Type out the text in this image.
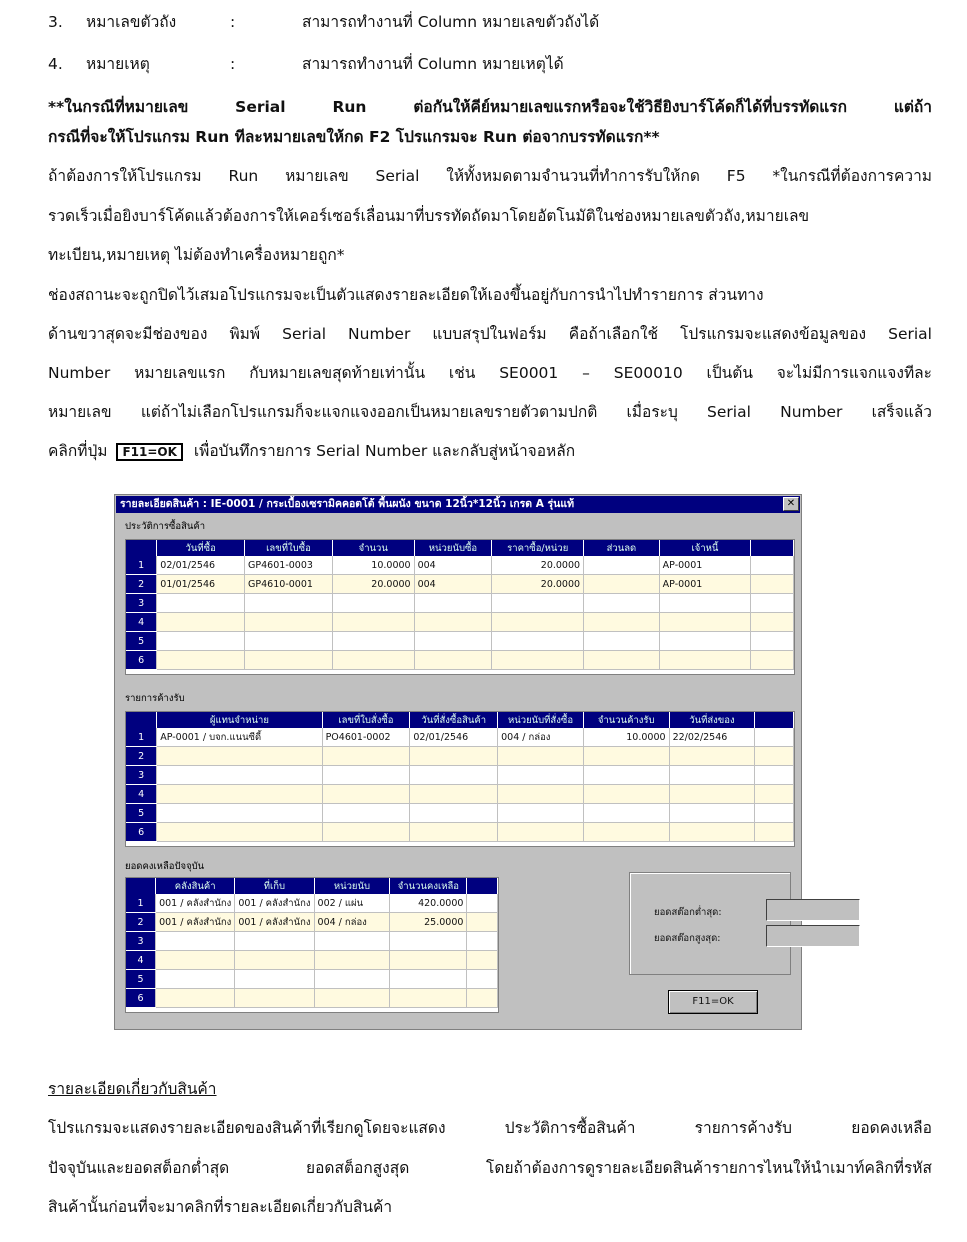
3. หมาเลขตัวถัง	:	สามารถทำงานที่ Column หมายเลขตัวถังได้
4. หมายเหตุ	:	สามารถทำงานที่ Column หมายเหตุได้
**ในกรณีที่หมายเลข Serial Run ต่อกันให้คีย์หมายเลขแรกหรือจะใช้วิธียิงบาร์โค้ดก็ได้ที่บรรทัดแรก แต่ถ้า
กรณีที่จะให้โปรแกรม Run ทีละหมายเลขให้กด F2 โปรแกรมจะ Run ต่อจากบรรทัดแรก**
ถ้าต้องการให้โปรแกรม Run หมายเลข Serial ให้ทั้งหมดตามจำนวนที่ทำการรับให้กด F5 *ในกรณีที่ต้องการความ
รวดเร็วเมื่อยิงบาร์โค้ดแล้วต้องการให้เคอร์เซอร์เลื่อนมาที่บรรทัดถัดมาโดยอัตโนมัติในช่องหมายเลขตัวถัง,หมายเลข
ทะเบียน,หมายเหตุ ไม่ต้องทำเครื่องหมายถูก*
ช่องสถานะจะถูกปิดไว้เสมอโปรแกรมจะเป็นตัวแสดงรายละเอียดให้เองขึ้นอยู่กับการนำไปทำรายการ ส่วนทาง
ด้านขวาสุดจะมีช่องของ พิมพ์ Serial Number แบบสรุปในฟอร์ม คือถ้าเลือกใช้ โปรแกรมจะแสดงข้อมูลของ Serial
Number หมายเลขแรก กับหมายเลขสุดท้ายเท่านั้น เช่น SE0001 – SE00010 เป็นต้น จะไม่มีการแจกแจงทีละ
หมายเลข แต่ถ้าไม่เลือกโปรแกรมก็จะแจกแจงออกเป็นหมายเลขรายตัวตามปกติ เมื่อระบุ Serial Number เสร็จแล้ว
คลิกที่ปุ่ม F11=OK เพื่อบันทึกรายการ Serial Number และกลับสู่หน้าจอหลัก
รายละเอียดสินค้า : IE-0001 / กระเบื้องเซรามิคคอตโต้ พื้นผนัง ขนาด 12นิ้ว*12นิ้ว เกรด A รุ่นแท้	✕
ประวัติการซื้อสินค้า
	วันที่ซื้อ	เลขที่ใบซื้อ	จำนวน	หน่วยนับซื้อ	ราคาซื้อ/หน่วย	ส่วนลด	เจ้าหนี้	
1	02/01/2546	GP4601-0003	10.0000	004	20.0000		AP-0001	
2	01/01/2546	GP4610-0001	20.0000	004	20.0000		AP-0001	
3								
4								
5								
6								
รายการค้างรับ
	ผู้แทนจำหน่าย	เลขที่ใบสั่งซื้อ	วันที่สั่งซื้อสินค้า	หน่วยนับที่สั่งซื้อ	จำนวนค้างรับ	วันที่ส่งของ	
1	AP-0001 / บจก.แนนซีดี้	PO4601-0002	02/01/2546	004 / กล่อง	10.0000	22/02/2546	
2							
3							
4							
5							
6							
ยอดคงเหลือปัจจุบัน
	คลังสินค้า	ที่เก็บ	หน่วยนับ	จำนวนคงเหลือ	
1	001 / คลังสำนักง	001 / คลังสำนักง	002 / แผ่น	420.0000	
2	001 / คลังสำนักง	001 / คลังสำนักง	004 / กล่อง	25.0000	
3					
4					
5					
6					
ยอดสต๊อกต่ำสุด:
ยอดสต๊อกสูงสุด:
F11=OK
รายละเอียดเกี่ยวกับสินค้า
โปรแกรมจะแสดงรายละเอียดของสินค้าที่เรียกดูโดยจะแสดง ประวัติการซื้อสินค้า รายการค้างรับ ยอดคงเหลือ
ปัจจุบันและยอดสต็อกต่ำสุด ยอดสต็อกสูงสุด โดยถ้าต้องการดูรายละเอียดสินค้ารายการไหนให้นำเมาท์คลิกที่รหัส
สินค้านั้นก่อนที่จะมาคลิกที่รายละเอียดเกี่ยวกับสินค้า
